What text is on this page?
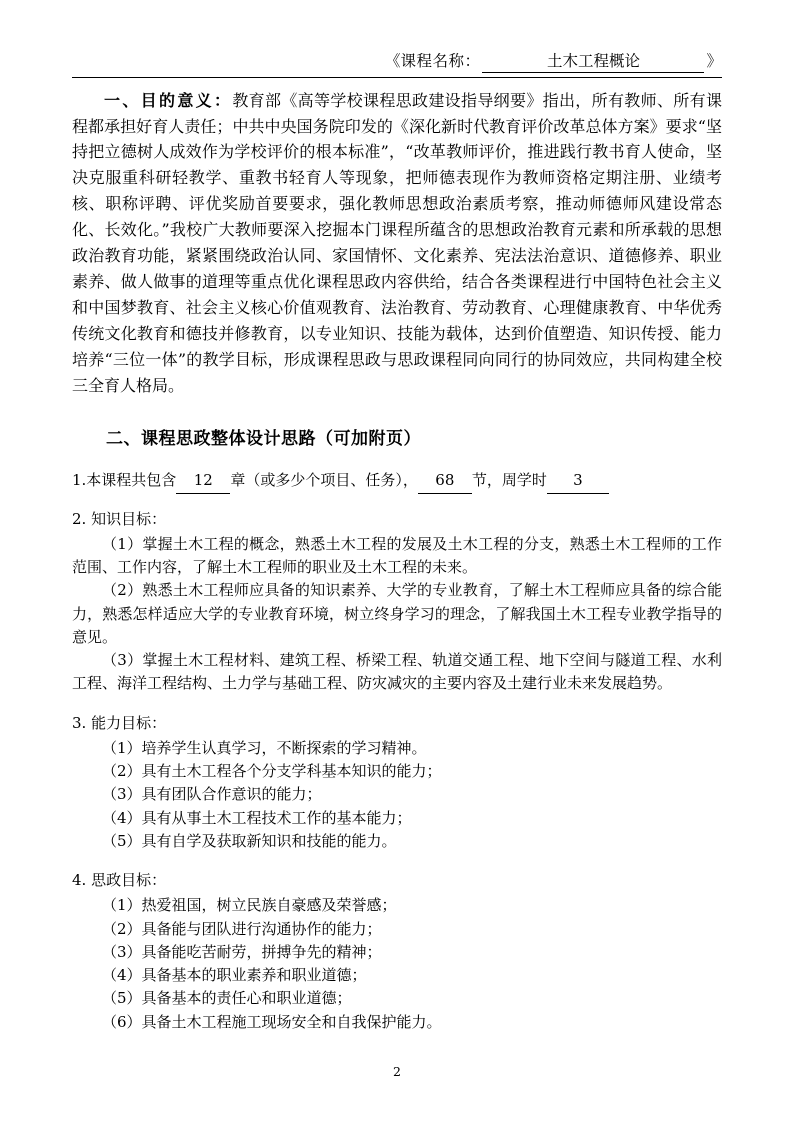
《 课程名称：	土木工程概论	》

一、目的意义：教育部《高等学校课程思政建设指导纲要》指出，所有教师、所有课程都承担好育人责任；中共中央国务院印发的《深化新时代教育评价改革总体方案》要求“坚持把立德树人成效作为学校评价的根本标准”，“改革教师评价，推进践行教书育人使命，坚决克服重科研轻教学、重教书轻育人等现象，把师德表现作为教师资格定期注册、业绩考核、职称评聘、评优奖励首要要求，强化教师思想政治素质考察，推动师德师风建设常态化、长效化。”我校广大教师要深入挖掘本门课程所蕴含的思想政治教育元素和所承载的思想政治教育功能，紧紧围绕政治认同、家国情怀、文化素养、宪法法治意识、道德修养、职业素养、做人做事的道理等重点优化课程思政内容供给，结合各类课程进行中国特色社会主义和中国梦教育、社会主义核心价值观教育、法治教育、劳动教育、心理健康教育、中华优秀传统文化教育和德技并修教育，以专业知识、技能为载体，达到价值塑造、知识传授、能力培养“三位一体”的教学目标，形成课程思政与思政课程同向同行的协同效应，共同构建全校三全育人格局。

二、课程思政整体设计思路（可加附页）
1.本课程共包含 12 章（或多少个项目、任务）， 68 节，周学时 3
2. 知识目标：

（1）掌握土木工程的概念，熟悉土木工程的发展及土木工程的分支，熟悉土木工程师的工作范围、工作内容，了解土木工程师的职业及土木工程的未来。

（2）熟悉土木工程师应具备的知识素养、大学的专业教育，了解土木工程师应具备的综合能力，熟悉怎样适应大学的专业教育环境，树立终身学习的理念，了解我国土木工程专业教学指导的意见。

（3）掌握土木工程材料、建筑工程、桥梁工程、轨道交通工程、地下空间与隧道工程、水利工程、海洋工程结构、土力学与基础工程、防灾减灾的主要内容及土建行业未来发展趋势。

3. 能力目标：

（1）培养学生认真学习，不断探索的学习精神。

（2）具有土木工程各个分支学科基本知识的能力；

（3）具有团队合作意识的能力；

（4）具有从事土木工程技术工作的基本能力；

（5）具有自学及获取新知识和技能的能力。

4. 思政目标：

（1）热爱祖国，树立民族自豪感及荣誉感；

（2）具备能与团队进行沟通协作的能力；

（3）具备能吃苦耐劳，拼搏争先的精神；

（4）具备基本的职业素养和职业道德；

（5）具备基本的责任心和职业道德；

（6）具备土木工程施工现场安全和自我保护能力。

2
